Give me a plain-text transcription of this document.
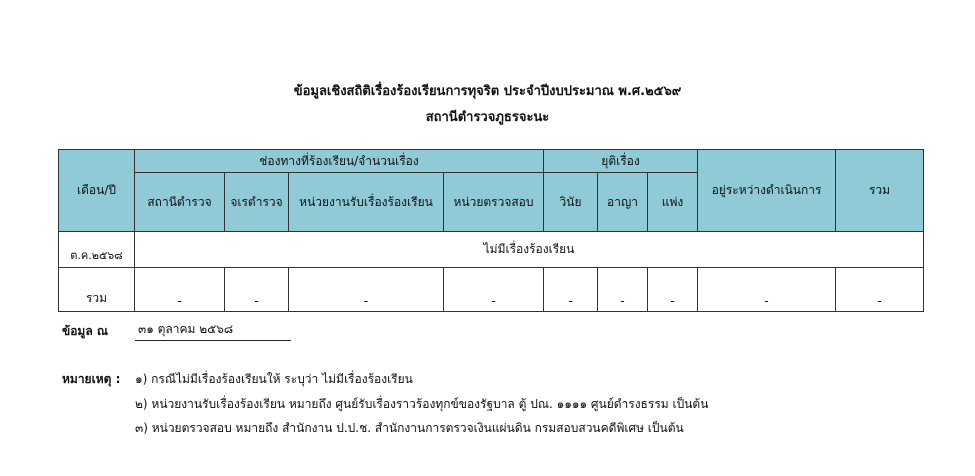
ข้อมูลเชิงสถิติเรื่องร้องเรียนการทุจริต ประจำปีงบประมาณ พ.ศ.๒๕๖๙
สถานีตำรวจภูธรจะนะ
เดือน/ปี	ช่องทางที่ร้องเรียน/จำนวนเรื่อง				ยุติเรื่อง			อยู่ระหว่างดำเนินการ	รวม
	สถานีตำรวจ	จเรตำรวจ	หน่วยงานรับเรื่องร้องเรียน	หน่วยตรวจสอบ	วินัย	อาญา	แพ่ง		
ต.ค.๒๕๖๘	ไม่มีเรื่องร้องเรียน								
รวม	-	-	-	-	-	-	-	-	-
ข้อมูล ณ	๓๑ ตุลาคม ๒๕๖๘
หมายเหตุ : ๑) กรณีไม่มีเรื่องร้องเรียนให้ ระบุว่า ไม่มีเรื่องร้องเรียน
๒) หน่วยงานรับเรื่องร้องเรียน หมายถึง ศูนย์รับเรื่องราวร้องทุกข์ของรัฐบาล ตู้ ปณ. ๑๑๑๑ ศูนย์ดำรงธรรม เป็นต้น
๓) หน่วยตรวจสอบ หมายถึง สำนักงาน ป.ป.ช. สำนักงานการตรวจเงินแผ่นดิน กรมสอบสวนคดีพิเศษ เป็นต้น
